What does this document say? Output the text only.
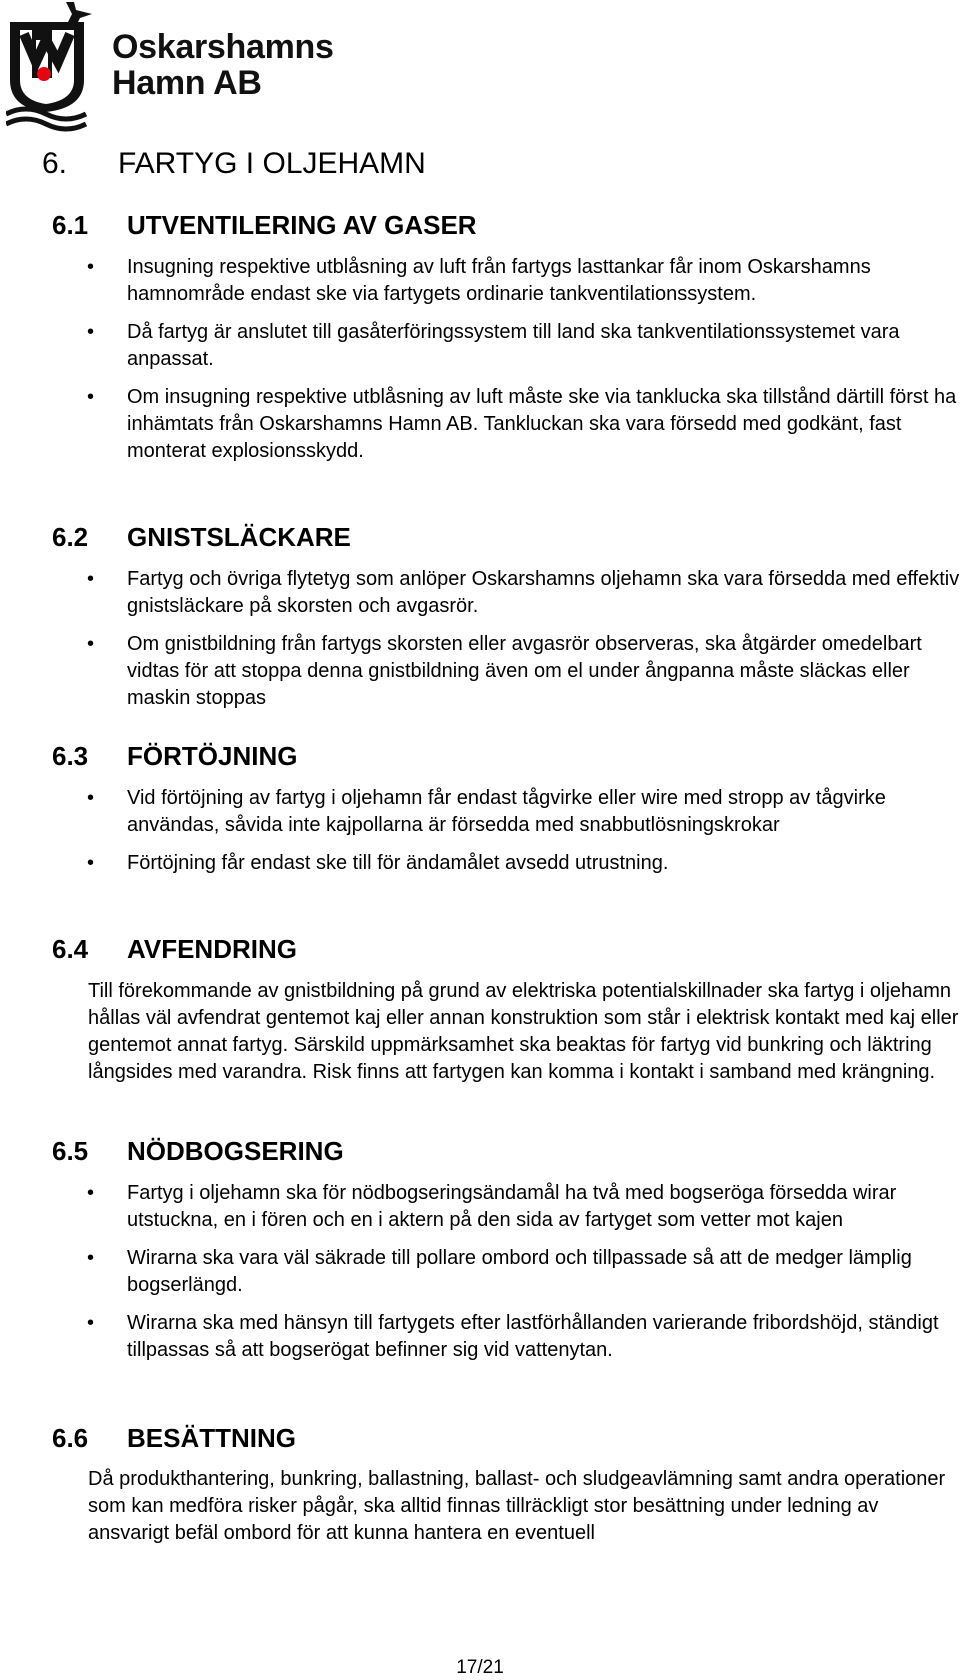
Oskarshamns
Hamn AB
6. FARTYG I OLJEHAMN
6.1 UTVENTILERING AV GASER
• Insugning respektive utblåsning av luft från fartygs lasttankar får inom Oskarshamns hamnområde endast ske via fartygets ordinarie tankventilationssystem.
• Då fartyg är anslutet till gasåterföringssystem till land ska tankventilationssystemet vara anpassat.
• Om insugning respektive utblåsning av luft måste ske via tanklucka ska tillstånd därtill först ha inhämtats från Oskarshamns Hamn AB. Tankluckan ska vara försedd med godkänt, fast monterat explosionsskydd.
6.2 GNISTSLÄCKARE
• Fartyg och övriga flytetyg som anlöper Oskarshamns oljehamn ska vara försedda med effektiv gnistsläckare på skorsten och avgasrör.
• Om gnistbildning från fartygs skorsten eller avgasrör observeras, ska åtgärder omedelbart vidtas för att stoppa denna gnistbildning även om el under ångpanna måste släckas eller maskin stoppas
6.3 FÖRTÖJNING
• Vid förtöjning av fartyg i oljehamn får endast tågvirke eller wire med stropp av tågvirke användas, såvida inte kajpollarna är försedda med snabbutlösningskrokar
• Förtöjning får endast ske till för ändamålet avsedd utrustning.
6.4 AVFENDRING

Till förekommande av gnistbildning på grund av elektriska potentialskillnader ska fartyg i oljehamn hållas väl avfendrat gentemot kaj eller annan konstruktion som står i elektrisk kontakt med kaj eller gentemot annat fartyg. Särskild uppmärksamhet ska beaktas för fartyg vid bunkring och läktring långsides med varandra. Risk finns att fartygen kan komma i kontakt i samband med krängning.

6.5 NÖDBOGSERING
• Fartyg i oljehamn ska för nödbogseringsändamål ha två med bogseröga försedda wirar utstuckna, en i fören och en i aktern på den sida av fartyget som vetter mot kajen
• Wirarna ska vara väl säkrade till pollare ombord och tillpassade så att de medger lämplig bogserlängd.
• Wirarna ska med hänsyn till fartygets efter lastförhållanden varierande fribordshöjd, ständigt tillpassas så att bogserögat befinner sig vid vattenytan.
6.6 BESÄTTNING

Då produkthantering, bunkring, ballastning, ballast- och sludgeavlämning samt andra operationer som kan medföra risker pågår, ska alltid finnas tillräckligt stor besättning under ledning av ansvarigt befäl ombord för att kunna hantera en eventuell

17/21
